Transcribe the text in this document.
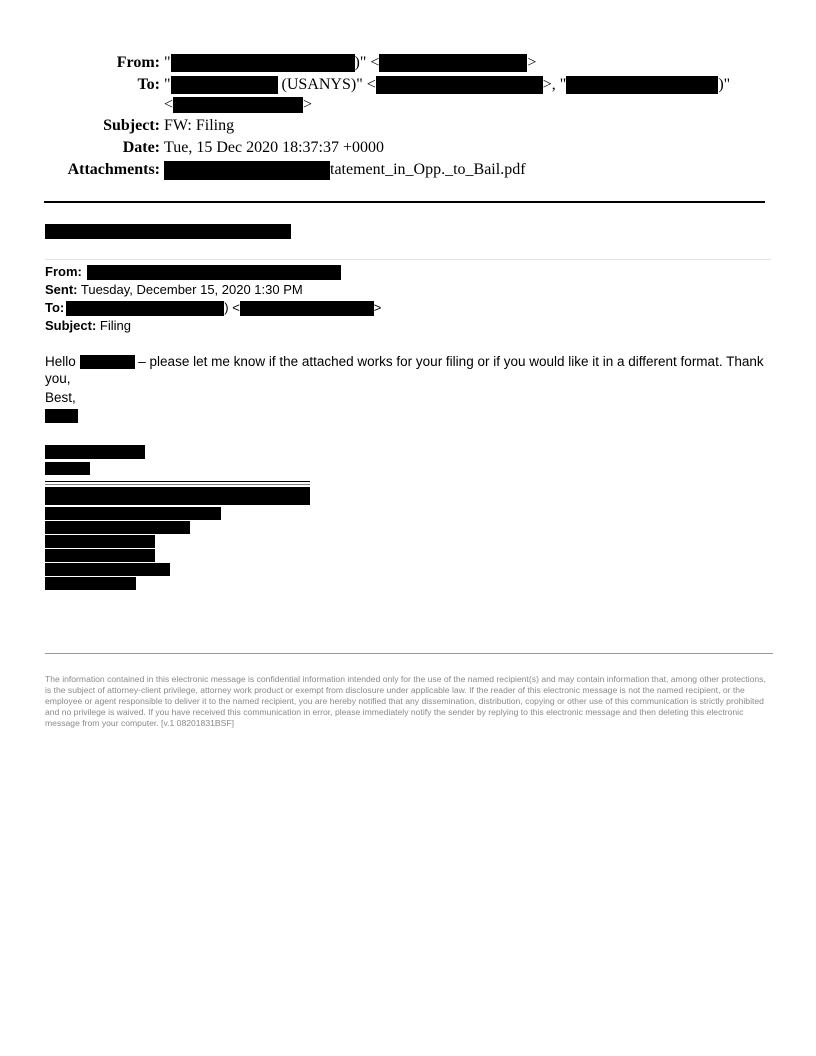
From: "	)" <	>
To: "	(USANYS)" <	>, "	)"
<	>
Subject: FW: Filing
Date: Tue, 15 Dec 2020 18:37:37 +0000
Attachments:	tatement_in_Opp._to_Bail.pdf
From:
Sent: Tuesday, December 15, 2020 1:30 PM
To:	) <	>
Subject: Filing
Hello	– please let me know if the attached works for your filing or if you would like it in a different format. Thank you,
Best,
The information contained in this electronic message is confidential information intended only for the use of the named recipient(s) and may contain information that, among other protections, is the subject of attorney-client privilege, attorney work product or exempt from disclosure under applicable law. If the reader of this electronic message is not the named recipient, or the employee or agent responsible to deliver it to the named recipient, you are hereby notified that any dissemination, distribution, copying or other use of this communication is strictly prohibited and no privilege is waived. If you have received this communication in error, please immediately notify the sender by replying to this electronic message and then deleting this electronic message from your computer. [v.1 08201831BSF]
